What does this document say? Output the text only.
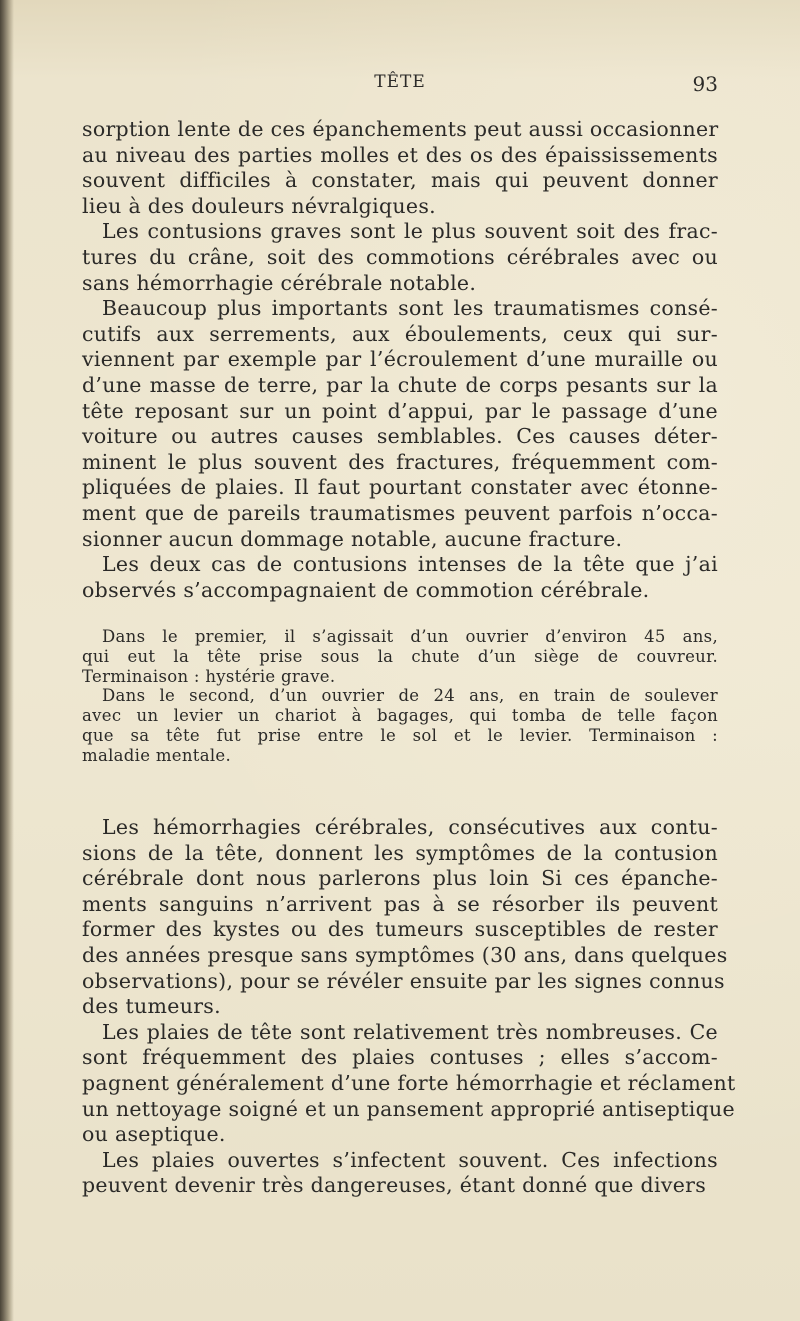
TÊTE	93
sorption lente de ces épanchements peut aussi occasionner
au niveau des parties molles et des os des épaississements
souvent difficiles à constater, mais qui peuvent donner
lieu à des douleurs névralgiques.
Les contusions graves sont le plus souvent soit des frac-
tures du crâne, soit des commotions cérébrales avec ou
sans hémorrhagie cérébrale notable.
Beaucoup plus importants sont les traumatismes consé-
cutifs aux serrements, aux éboulements, ceux qui sur-
viennent par exemple par l’écroulement d’une muraille ou
d’une masse de terre, par la chute de corps pesants sur la
tête reposant sur un point d’appui, par le passage d’une
voiture ou autres causes semblables. Ces causes déter-
minent le plus souvent des fractures, fréquemment com-
pliquées de plaies. Il faut pourtant constater avec étonne-
ment que de pareils traumatismes peuvent parfois n’occa-
sionner aucun dommage notable, aucune fracture.
Les deux cas de contusions intenses de la tête que j’ai
observés s’accompagnaient de commotion cérébrale.
Dans le premier, il s’agissait d’un ouvrier d’environ 45 ans,
qui eut la tête prise sous la chute d’un siège de couvreur.
Terminaison : hystérie grave.
Dans le second, d’un ouvrier de 24 ans, en train de soulever
avec un levier un chariot à bagages, qui tomba de telle façon
que sa tête fut prise entre le sol et le levier. Terminaison :
maladie mentale.
Les hémorrhagies cérébrales, consécutives aux contu-
sions de la tête, donnent les symptômes de la contusion
cérébrale dont nous parlerons plus loin Si ces épanche-
ments sanguins n’arrivent pas à se résorber ils peuvent
former des kystes ou des tumeurs susceptibles de rester
des années presque sans symptômes (30 ans, dans quelques
observations), pour se révéler ensuite par les signes connus
des tumeurs.
Les plaies de tête sont relativement très nombreuses. Ce
sont fréquemment des plaies contuses ; elles s’accom-
pagnent généralement d’une forte hémorrhagie et réclament
un nettoyage soigné et un pansement approprié antiseptique
ou aseptique.
Les plaies ouvertes s’infectent souvent. Ces infections
peuvent devenir très dangereuses, étant donné que divers
